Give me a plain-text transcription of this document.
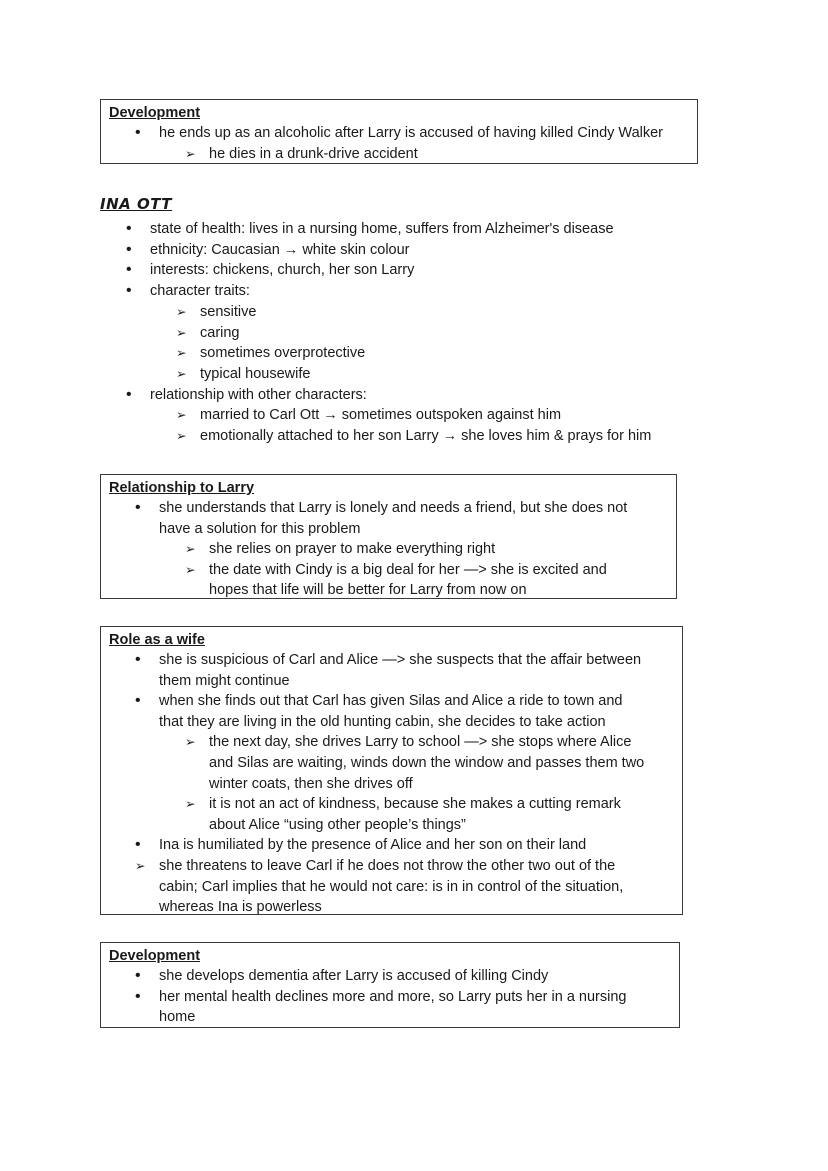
Development
• he ends up as an alcoholic after Larry is accused of having killed Cindy Walker
➢ he dies in a drunk-drive accident
INA OTT
• state of health: lives in a nursing home, suffers from Alzheimer's disease
• ethnicity: Caucasian → white skin colour
• interests: chickens, church, her son Larry
• character traits:
➢ sensitive
➢ caring
➢ sometimes overprotective
➢ typical housewife
• relationship with other characters:
➢ married to Carl Ott → sometimes outspoken against him
➢ emotionally attached to her son Larry → she loves him & prays for him
Relationship to Larry
• she understands that Larry is lonely and needs a friend, but she does not
have a solution for this problem
➢ she relies on prayer to make everything right
➢ the date with Cindy is a big deal for her —> she is excited and
hopes that life will be better for Larry from now on
Role as a wife
• she is suspicious of Carl and Alice —> she suspects that the affair between
them might continue
• when she finds out that Carl has given Silas and Alice a ride to town and
that they are living in the old hunting cabin, she decides to take action
➢ the next day, she drives Larry to school —> she stops where Alice
and Silas are waiting, winds down the window and passes them two
winter coats, then she drives off
➢ it is not an act of kindness, because she makes a cutting remark
about Alice “using other people’s things”
• Ina is humiliated by the presence of Alice and her son on their land
➢ she threatens to leave Carl if he does not throw the other two out of the
cabin; Carl implies that he would not care: is in in control of the situation,
whereas Ina is powerless
Development
• she develops dementia after Larry is accused of killing Cindy
• her mental health declines more and more, so Larry puts her in a nursing
home
